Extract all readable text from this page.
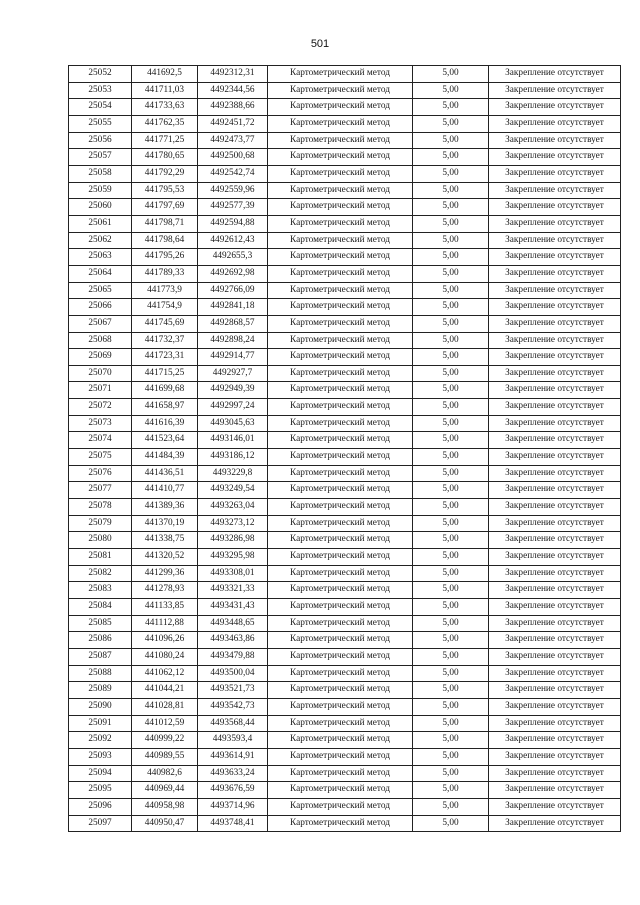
501
25052	441692,5	4492312,31	Картометрический метод	5,00	Закрепление отсутствует
25053	441711,03	4492344,56	Картометрический метод	5,00	Закрепление отсутствует
25054	441733,63	4492388,66	Картометрический метод	5,00	Закрепление отсутствует
25055	441762,35	4492451,72	Картометрический метод	5,00	Закрепление отсутствует
25056	441771,25	4492473,77	Картометрический метод	5,00	Закрепление отсутствует
25057	441780,65	4492500,68	Картометрический метод	5,00	Закрепление отсутствует
25058	441792,29	4492542,74	Картометрический метод	5,00	Закрепление отсутствует
25059	441795,53	4492559,96	Картометрический метод	5,00	Закрепление отсутствует
25060	441797,69	4492577,39	Картометрический метод	5,00	Закрепление отсутствует
25061	441798,71	4492594,88	Картометрический метод	5,00	Закрепление отсутствует
25062	441798,64	4492612,43	Картометрический метод	5,00	Закрепление отсутствует
25063	441795,26	4492655,3	Картометрический метод	5,00	Закрепление отсутствует
25064	441789,33	4492692,98	Картометрический метод	5,00	Закрепление отсутствует
25065	441773,9	4492766,09	Картометрический метод	5,00	Закрепление отсутствует
25066	441754,9	4492841,18	Картометрический метод	5,00	Закрепление отсутствует
25067	441745,69	4492868,57	Картометрический метод	5,00	Закрепление отсутствует
25068	441732,37	4492898,24	Картометрический метод	5,00	Закрепление отсутствует
25069	441723,31	4492914,77	Картометрический метод	5,00	Закрепление отсутствует
25070	441715,25	4492927,7	Картометрический метод	5,00	Закрепление отсутствует
25071	441699,68	4492949,39	Картометрический метод	5,00	Закрепление отсутствует
25072	441658,97	4492997,24	Картометрический метод	5,00	Закрепление отсутствует
25073	441616,39	4493045,63	Картометрический метод	5,00	Закрепление отсутствует
25074	441523,64	4493146,01	Картометрический метод	5,00	Закрепление отсутствует
25075	441484,39	4493186,12	Картометрический метод	5,00	Закрепление отсутствует
25076	441436,51	4493229,8	Картометрический метод	5,00	Закрепление отсутствует
25077	441410,77	4493249,54	Картометрический метод	5,00	Закрепление отсутствует
25078	441389,36	4493263,04	Картометрический метод	5,00	Закрепление отсутствует
25079	441370,19	4493273,12	Картометрический метод	5,00	Закрепление отсутствует
25080	441338,75	4493286,98	Картометрический метод	5,00	Закрепление отсутствует
25081	441320,52	4493295,98	Картометрический метод	5,00	Закрепление отсутствует
25082	441299,36	4493308,01	Картометрический метод	5,00	Закрепление отсутствует
25083	441278,93	4493321,33	Картометрический метод	5,00	Закрепление отсутствует
25084	441133,85	4493431,43	Картометрический метод	5,00	Закрепление отсутствует
25085	441112,88	4493448,65	Картометрический метод	5,00	Закрепление отсутствует
25086	441096,26	4493463,86	Картометрический метод	5,00	Закрепление отсутствует
25087	441080,24	4493479,88	Картометрический метод	5,00	Закрепление отсутствует
25088	441062,12	4493500,04	Картометрический метод	5,00	Закрепление отсутствует
25089	441044,21	4493521,73	Картометрический метод	5,00	Закрепление отсутствует
25090	441028,81	4493542,73	Картометрический метод	5,00	Закрепление отсутствует
25091	441012,59	4493568,44	Картометрический метод	5,00	Закрепление отсутствует
25092	440999,22	4493593,4	Картометрический метод	5,00	Закрепление отсутствует
25093	440989,55	4493614,91	Картометрический метод	5,00	Закрепление отсутствует
25094	440982,6	4493633,24	Картометрический метод	5,00	Закрепление отсутствует
25095	440969,44	4493676,59	Картометрический метод	5,00	Закрепление отсутствует
25096	440958,98	4493714,96	Картометрический метод	5,00	Закрепление отсутствует
25097	440950,47	4493748,41	Картометрический метод	5,00	Закрепление отсутствует
